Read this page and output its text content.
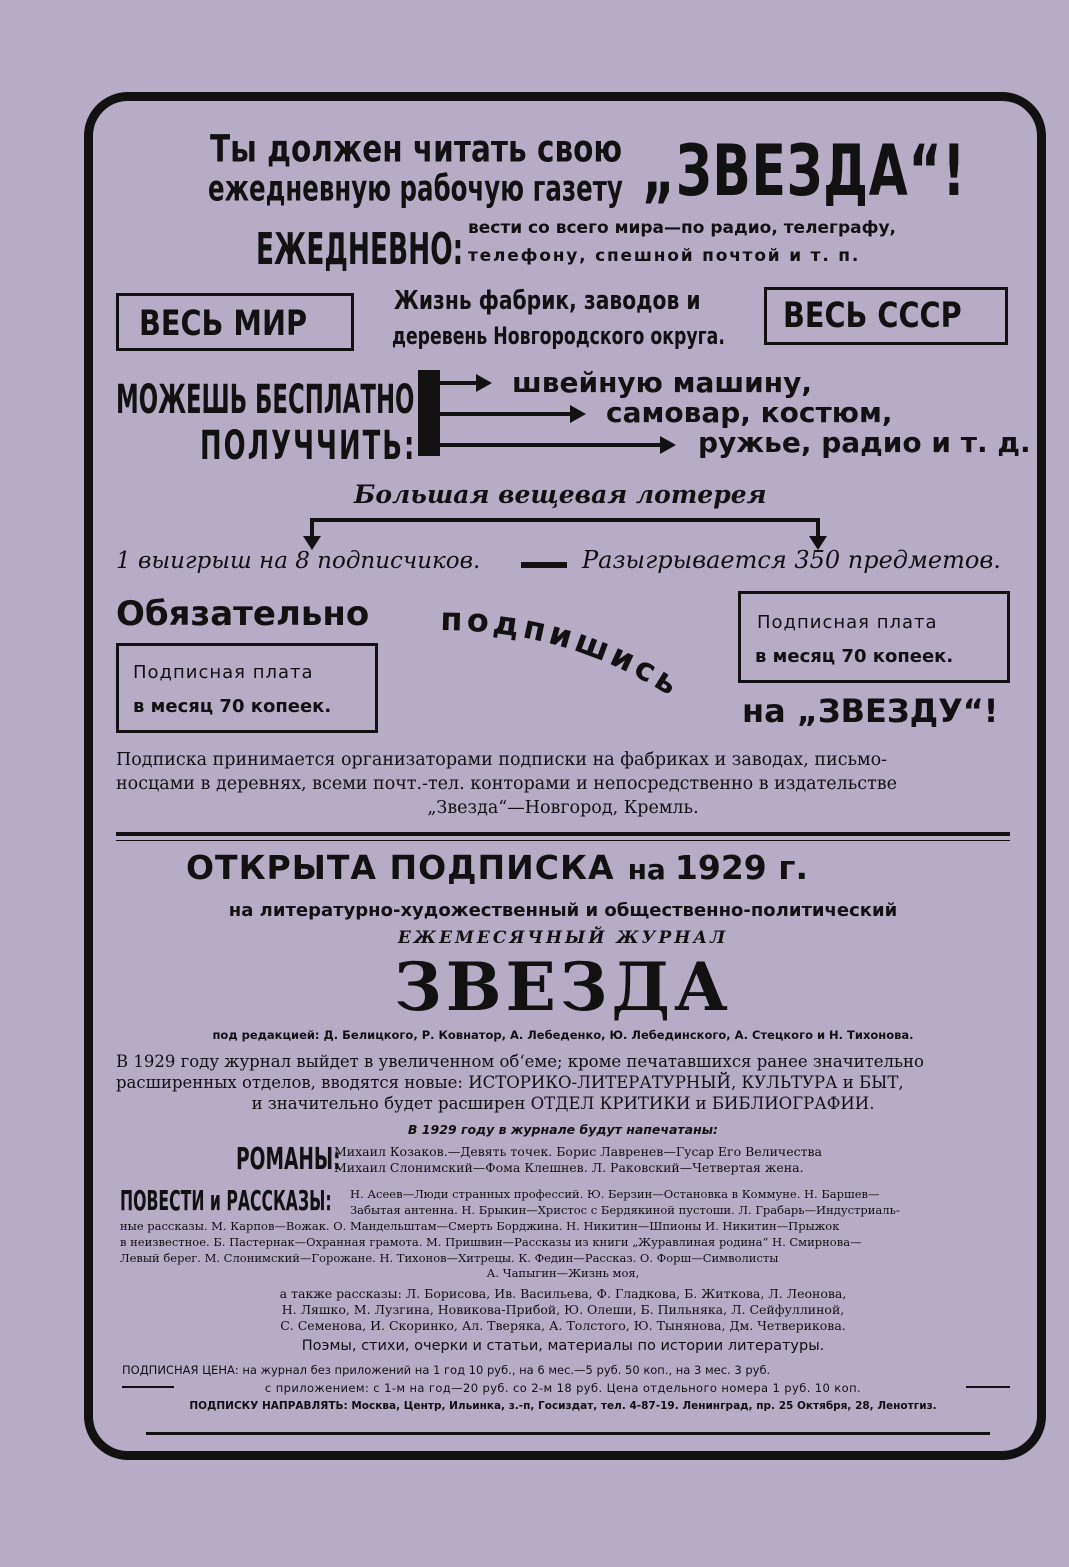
Ты должен читать свою
ежедневную рабочую газету „ЗВЕЗДА“!
ЕЖЕДНЕВНО: вести со всего мира—по радио, телеграфу,
телефону, спешной почтой и т. п.
ВЕСЬ МИР
Жизнь фабрик, заводов и
деревень Новгородского округа. ВЕСЬ СССР
МОЖЕШЬ БЕСПЛАТНО
ПОЛУЧЧИТЬ:
швейную машину,
самовар, костюм,
ружье, радио и т. д.
Большая вещевая лотерея
1 выигрыш на 8 подписчиков.	Разыгрывается 350 предметов.
Обязательно
Подписная плата
в месяц 70 копеек.
подпишись
Подписная плата
в месяц 70 копеек.
на „ЗВЕЗДУ“!
Подписка принимается организаторами подписки на фабриках и заводах, письмо-
носцами в деревнях, всеми почт.-тел. конторами и непосредственно в издательстве
„Звезда“—Новгород, Кремль.
ОТКРЫТА ПОДПИСКА на 1929 г.
на литературно-художественный и общественно-политический
ЕЖЕМЕСЯЧНЫЙ ЖУРНАЛ
ЗВЕЗДА
под редакцией: Д. Белицкого, Р. Ковнатор, А. Лебеденко, Ю. Лебединского, А. Стецкого и Н. Тихонова.
В 1929 году журнал выйдет в увеличенном об‘еме; кроме печатавшихся ранее значительно
расширенных отделов, вводятся новые: ИСТОРИКО-ЛИТЕРАТУРНЫЙ, КУЛЬТУРА и БЫТ,
и значительно будет расширен ОТДЕЛ КРИТИКИ и БИБЛИОГРАФИИ.
В 1929 году в журнале будут напечатаны:
РОМАНЫ:
Михаил Козаков.—Девять точек. Борис Лавренев—Гусар Его Величества
Михаил Слонимский—Фома Клешнев. Л. Раковский—Четвертая жена.
ПОВЕСТИ и РАССКАЗЫ: Н. Асеев—Люди странных профессий. Ю. Берзин—Остановка в Коммуне. Н. Баршев—
Забытая антенна. Н. Брыкин—Христос с Бердякиной пустоши. Л. Грабарь—Индустриаль-
ные рассказы. М. Карпов—Вожак. О. Мандельштам—Смерть Борджина. Н. Никитин—Шпионы И. Никитин—Прыжок
в неизвестное. Б. Пастернак—Охранная грамота. М. Пришвин—Рассказы из книги „Журавлиная родина“ Н. Смирнова—
Левый берег. М. Слонимский—Горожане. Н. Тихонов—Хитрецы. К. Федин—Рассказ. О. Форш—Символисты
А. Чапыгин—Жизнь моя,
а также рассказы: Л. Борисова, Ив. Васильева, Ф. Гладкова, Б. Житкова, Л. Леонова,
Н. Ляшко, М. Лузгина, Новикова-Прибой, Ю. Олеши, Б. Пильняка, Л. Сейфуллиной,
С. Семенова, И. Скоринко, Ал. Тверяка, А. Толстого, Ю. Тынянова, Дм. Четверикова.
Поэмы, стихи, очерки и статьи, материалы по истории литературы.
ПОДПИСНАЯ ЦЕНА: на журнал без приложений на 1 год 10 руб., на 6 мес.—5 руб. 50 коп., на 3 мес. 3 руб.
с приложением: с 1-м на год—20 руб. со 2-м 18 руб. Цена отдельного номера 1 руб. 10 коп.
ПОДПИСКУ НАПРАВЛЯТЬ: Москва, Центр, Ильинка, з.-п, Госиздат, тел. 4-87-19. Ленинград, пр. 25 Октября, 28, Ленотгиз.
